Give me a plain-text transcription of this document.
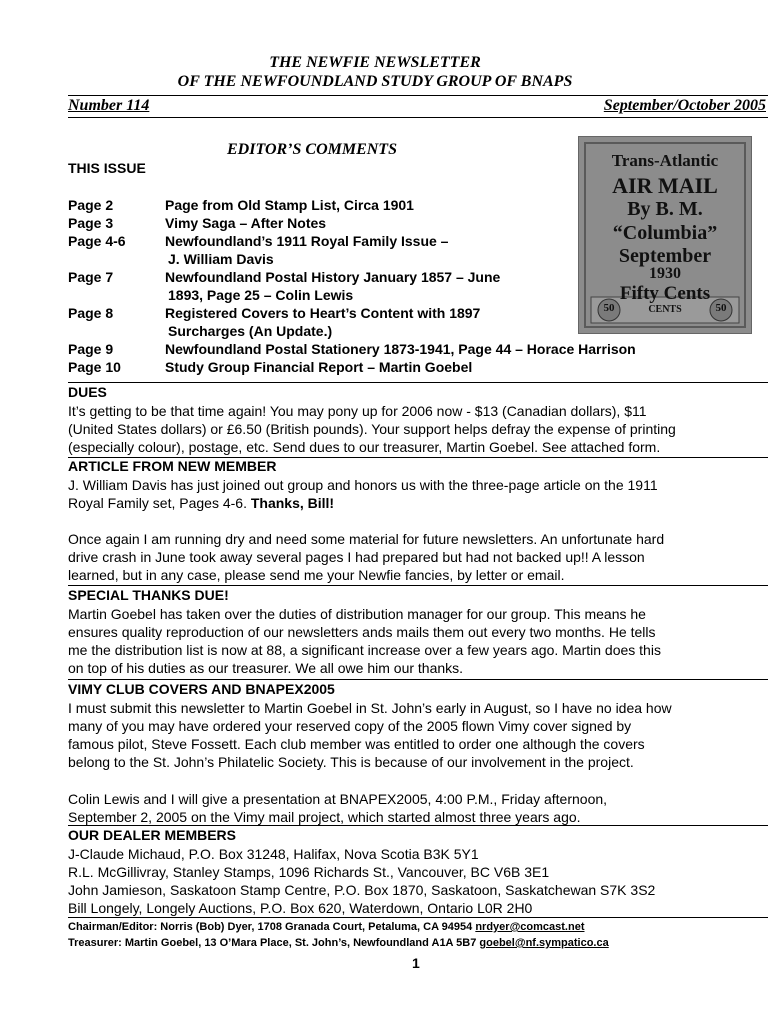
THE NEWFIE NEWSLETTER
OF THE NEWFOUNDLAND STUDY GROUP OF BNAPS
Number 114	September/October 2005
EDITOR’S COMMENTS
THIS ISSUE
Page 2	Page from Old Stamp List, Circa 1901
Page 3	Vimy Saga – After Notes
Page 4-6	Newfoundland’s 1911 Royal Family Issue –
J. William Davis
Page 7	Newfoundland Postal History January 1857 – June
1893, Page 25 – Colin Lewis
Page 8	Registered Covers to Heart’s Content with 1897
Surcharges (An Update.)
Page 9	Newfoundland Postal Stationery 1873-1941, Page 44 – Horace Harrison
Page 10	Study Group Financial Report – Martin Goebel
Trans-Atlantic
AIR MAIL
By B. M.
“Columbia”
September
1930
Fifty Cents
50	50
CENTS
DUES
It’s getting to be that time again! You may pony up for 2006 now - $13 (Canadian dollars), $11
(United States dollars) or £6.50 (British pounds). Your support helps defray the expense of printing
(especially colour), postage, etc. Send dues to our treasurer, Martin Goebel. See attached form.
ARTICLE FROM NEW MEMBER
J. William Davis has just joined out group and honors us with the three-page article on the 1911
Royal Family set, Pages 4-6. Thanks, Bill!
Once again I am running dry and need some material for future newsletters. An unfortunate hard
drive crash in June took away several pages I had prepared but had not backed up!! A lesson
learned, but in any case, please send me your Newfie fancies, by letter or email.
SPECIAL THANKS DUE!
Martin Goebel has taken over the duties of distribution manager for our group. This means he
ensures quality reproduction of our newsletters ands mails them out every two months. He tells
me the distribution list is now at 88, a significant increase over a few years ago. Martin does this
on top of his duties as our treasurer. We all owe him our thanks.
VIMY CLUB COVERS AND BNAPEX2005
I must submit this newsletter to Martin Goebel in St. John’s early in August, so I have no idea how
many of you may have ordered your reserved copy of the 2005 flown Vimy cover signed by
famous pilot, Steve Fossett. Each club member was entitled to order one although the covers
belong to the St. John’s Philatelic Society. This is because of our involvement in the project.
Colin Lewis and I will give a presentation at BNAPEX2005, 4:00 P.M., Friday afternoon,
September 2, 2005 on the Vimy mail project, which started almost three years ago.
OUR DEALER MEMBERS
J-Claude Michaud, P.O. Box 31248, Halifax, Nova Scotia B3K 5Y1
R.L. McGillivray, Stanley Stamps, 1096 Richards St., Vancouver, BC V6B 3E1
John Jamieson, Saskatoon Stamp Centre, P.O. Box 1870, Saskatoon, Saskatchewan S7K 3S2
Bill Longely, Longely Auctions, P.O. Box 620, Waterdown, Ontario L0R 2H0
Chairman/Editor: Norris (Bob) Dyer, 1708 Granada Court, Petaluma, CA 94954 nrdyer@comcast.net
Treasurer: Martin Goebel, 13 O’Mara Place, St. John’s, Newfoundland A1A 5B7 goebel@nf.sympatico.ca
1
